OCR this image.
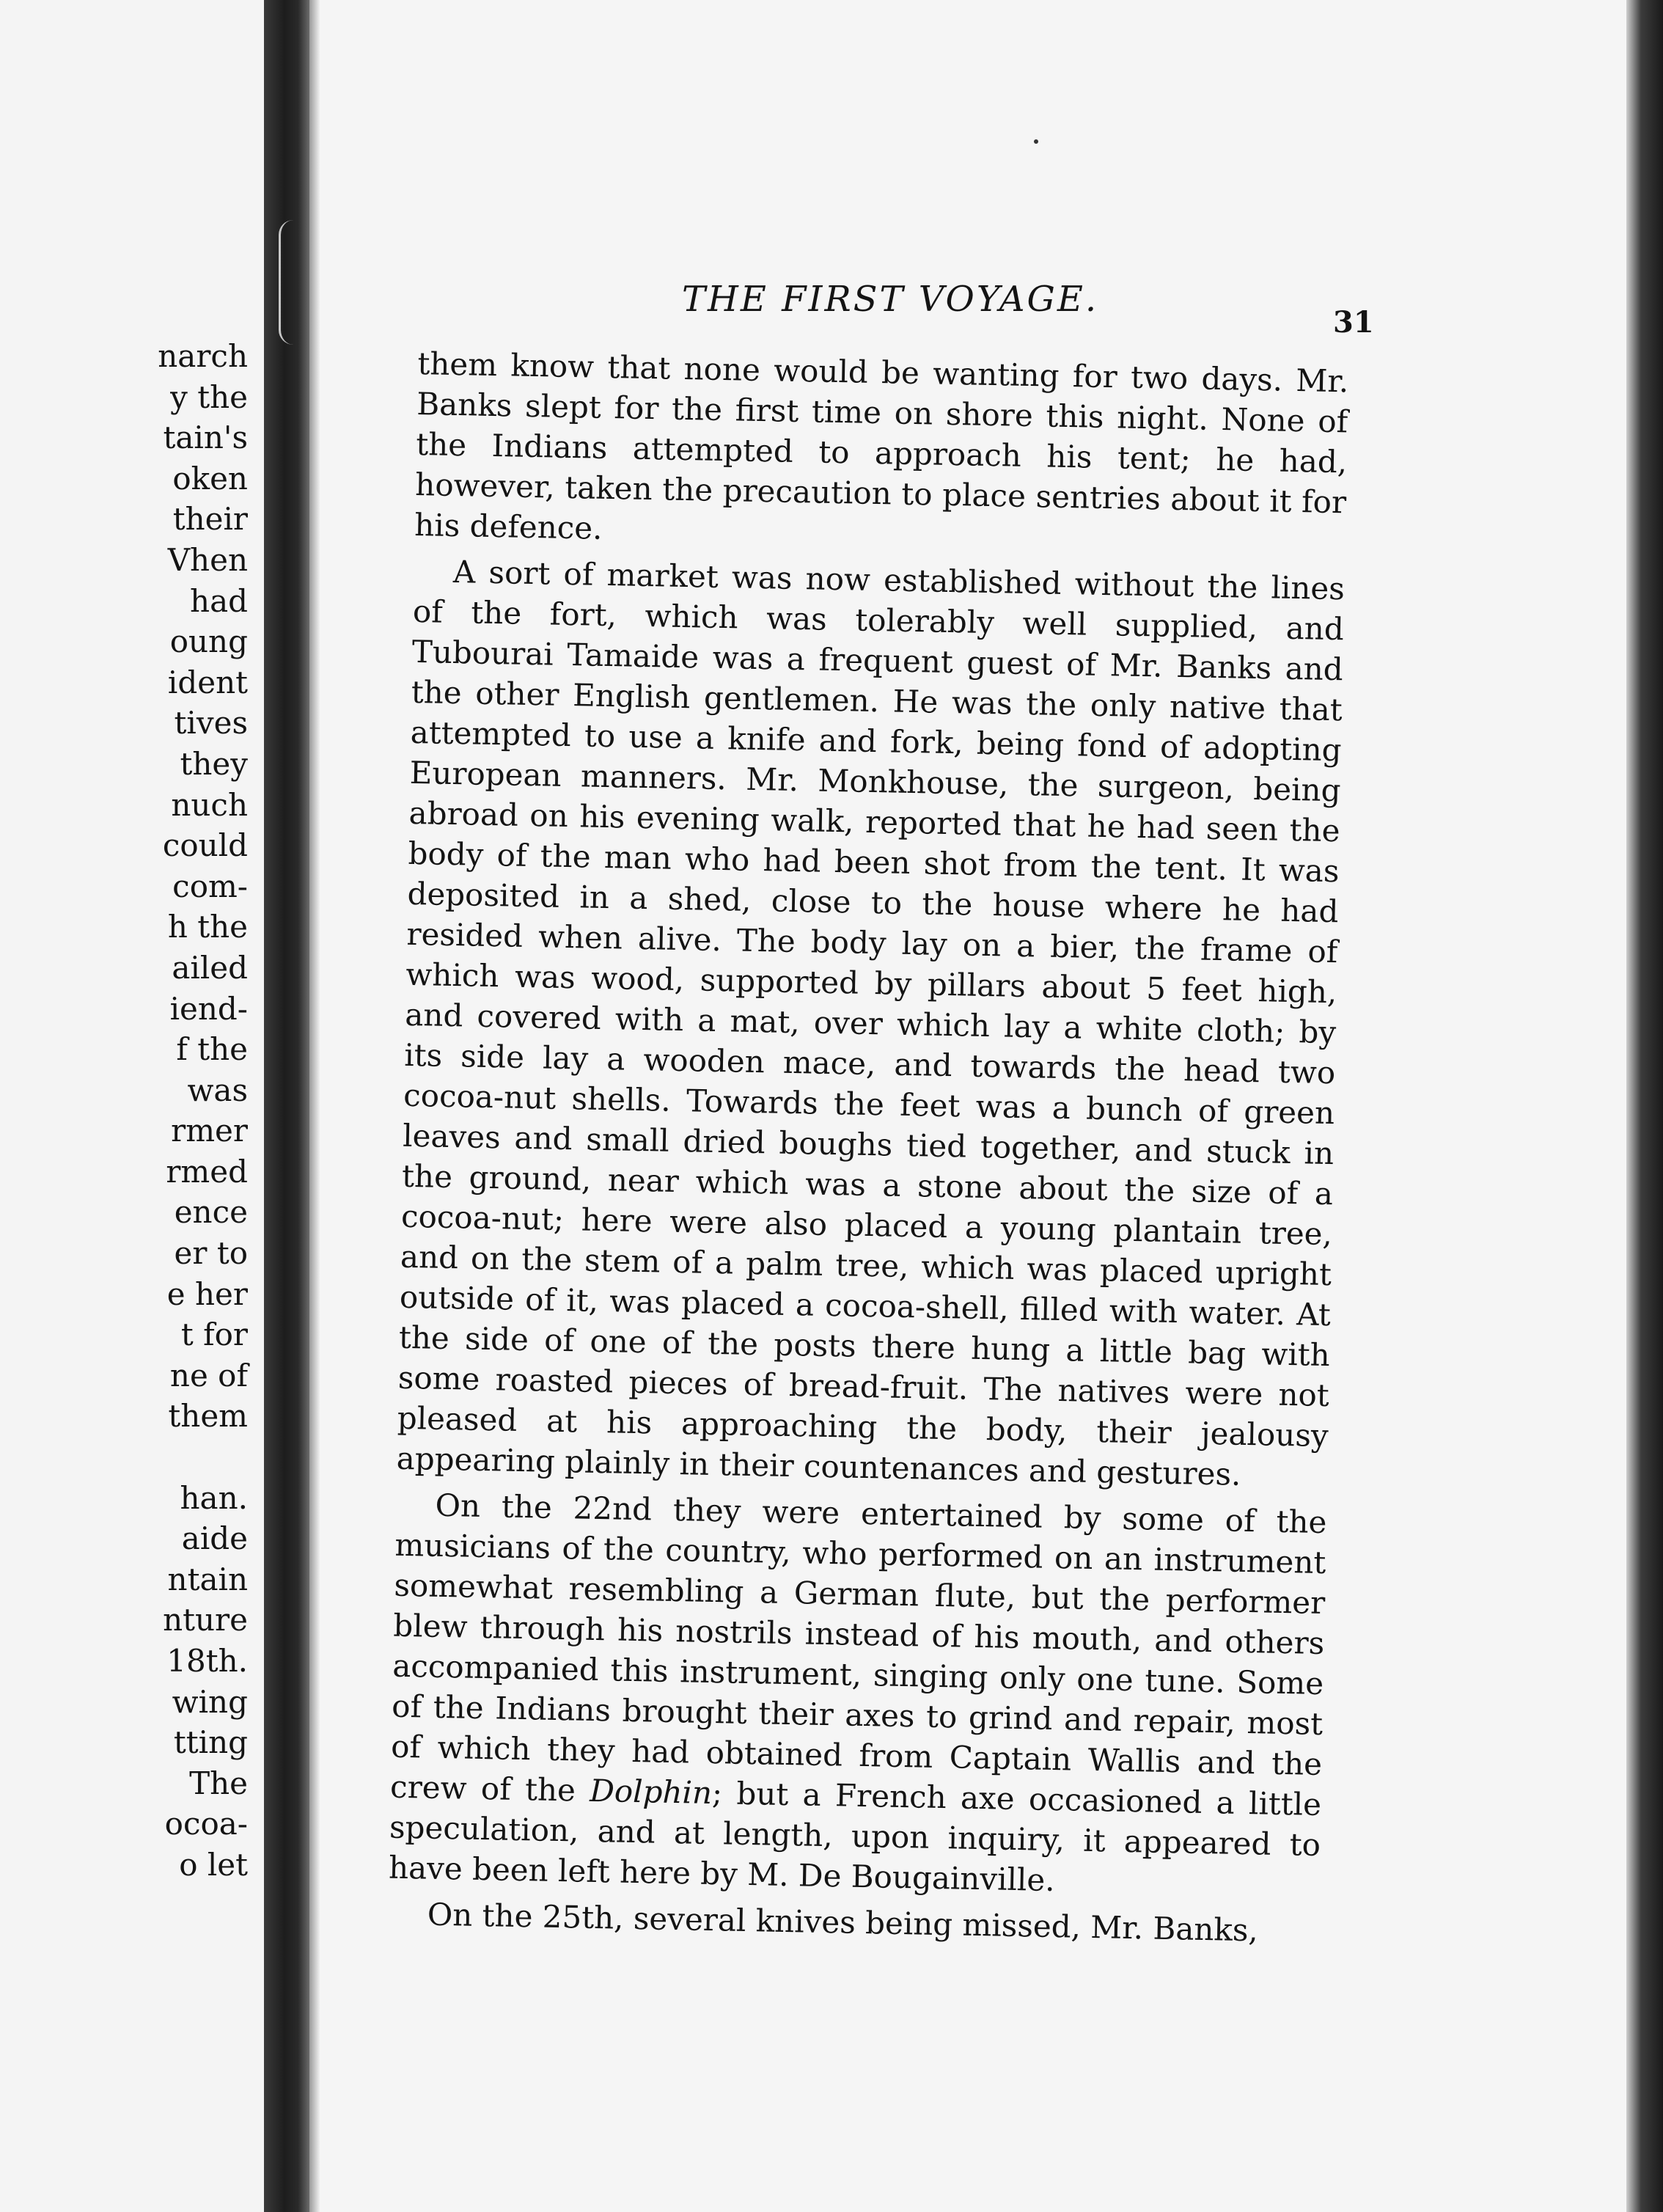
narch
y the
tain's
oken
their
Vhen
had
oung
ident
tives
they
nuch
could
com-
h the
ailed
iend-
f the
was
rmer
rmed
ence
er to
e her
t for
ne of
them
han.
aide
ntain
nture
18th.
wing
tting
The
ocoa-
o let
THE FIRST VOYAGE.
31

them know that none would be wanting for two days. Mr. Banks slept for the first time on shore this night. None of the Indians attempted to approach his tent; he had, however, taken the precaution to place sentries about it for his defence.

A sort of market was now established without the lines of the fort, which was tolerably well supplied, and Tubourai Tamaide was a frequent guest of Mr. Banks and the other English gentlemen. He was the only native that attempted to use a knife and fork, being fond of adopting European manners. Mr. Monkhouse, the surgeon, being abroad on his evening walk, reported that he had seen the body of the man who had been shot from the tent. It was deposited in a shed, close to the house where he had resided when alive. The body lay on a bier, the frame of which was wood, supported by pillars about 5 feet high, and covered with a mat, over which lay a white cloth; by its side lay a wooden mace, and towards the head two cocoa-nut shells. Towards the feet was a bunch of green leaves and small dried boughs tied together, and stuck in the ground, near which was a stone about the size of a cocoa-nut; here were also placed a young plantain tree, and on the stem of a palm tree, which was placed upright outside of it, was placed a cocoa-shell, filled with water. At the side of one of the posts there hung a little bag with some roasted pieces of bread-fruit. The natives were not pleased at his approaching the body, their jealousy appearing plainly in their countenances and gestures.

On the 22nd they were entertained by some of the musicians of the country, who performed on an instrument somewhat resembling a German flute, but the performer blew through his nostrils instead of his mouth, and others accompanied this instrument, singing only one tune. Some of the Indians brought their axes to grind and repair, most of which they had obtained from Captain Wallis and the crew of the Dolphin; but a French axe occasioned a little speculation, and at length, upon inquiry, it appeared to have been left here by M. De Bougainville.

On the 25th, several knives being missed, Mr. Banks,
